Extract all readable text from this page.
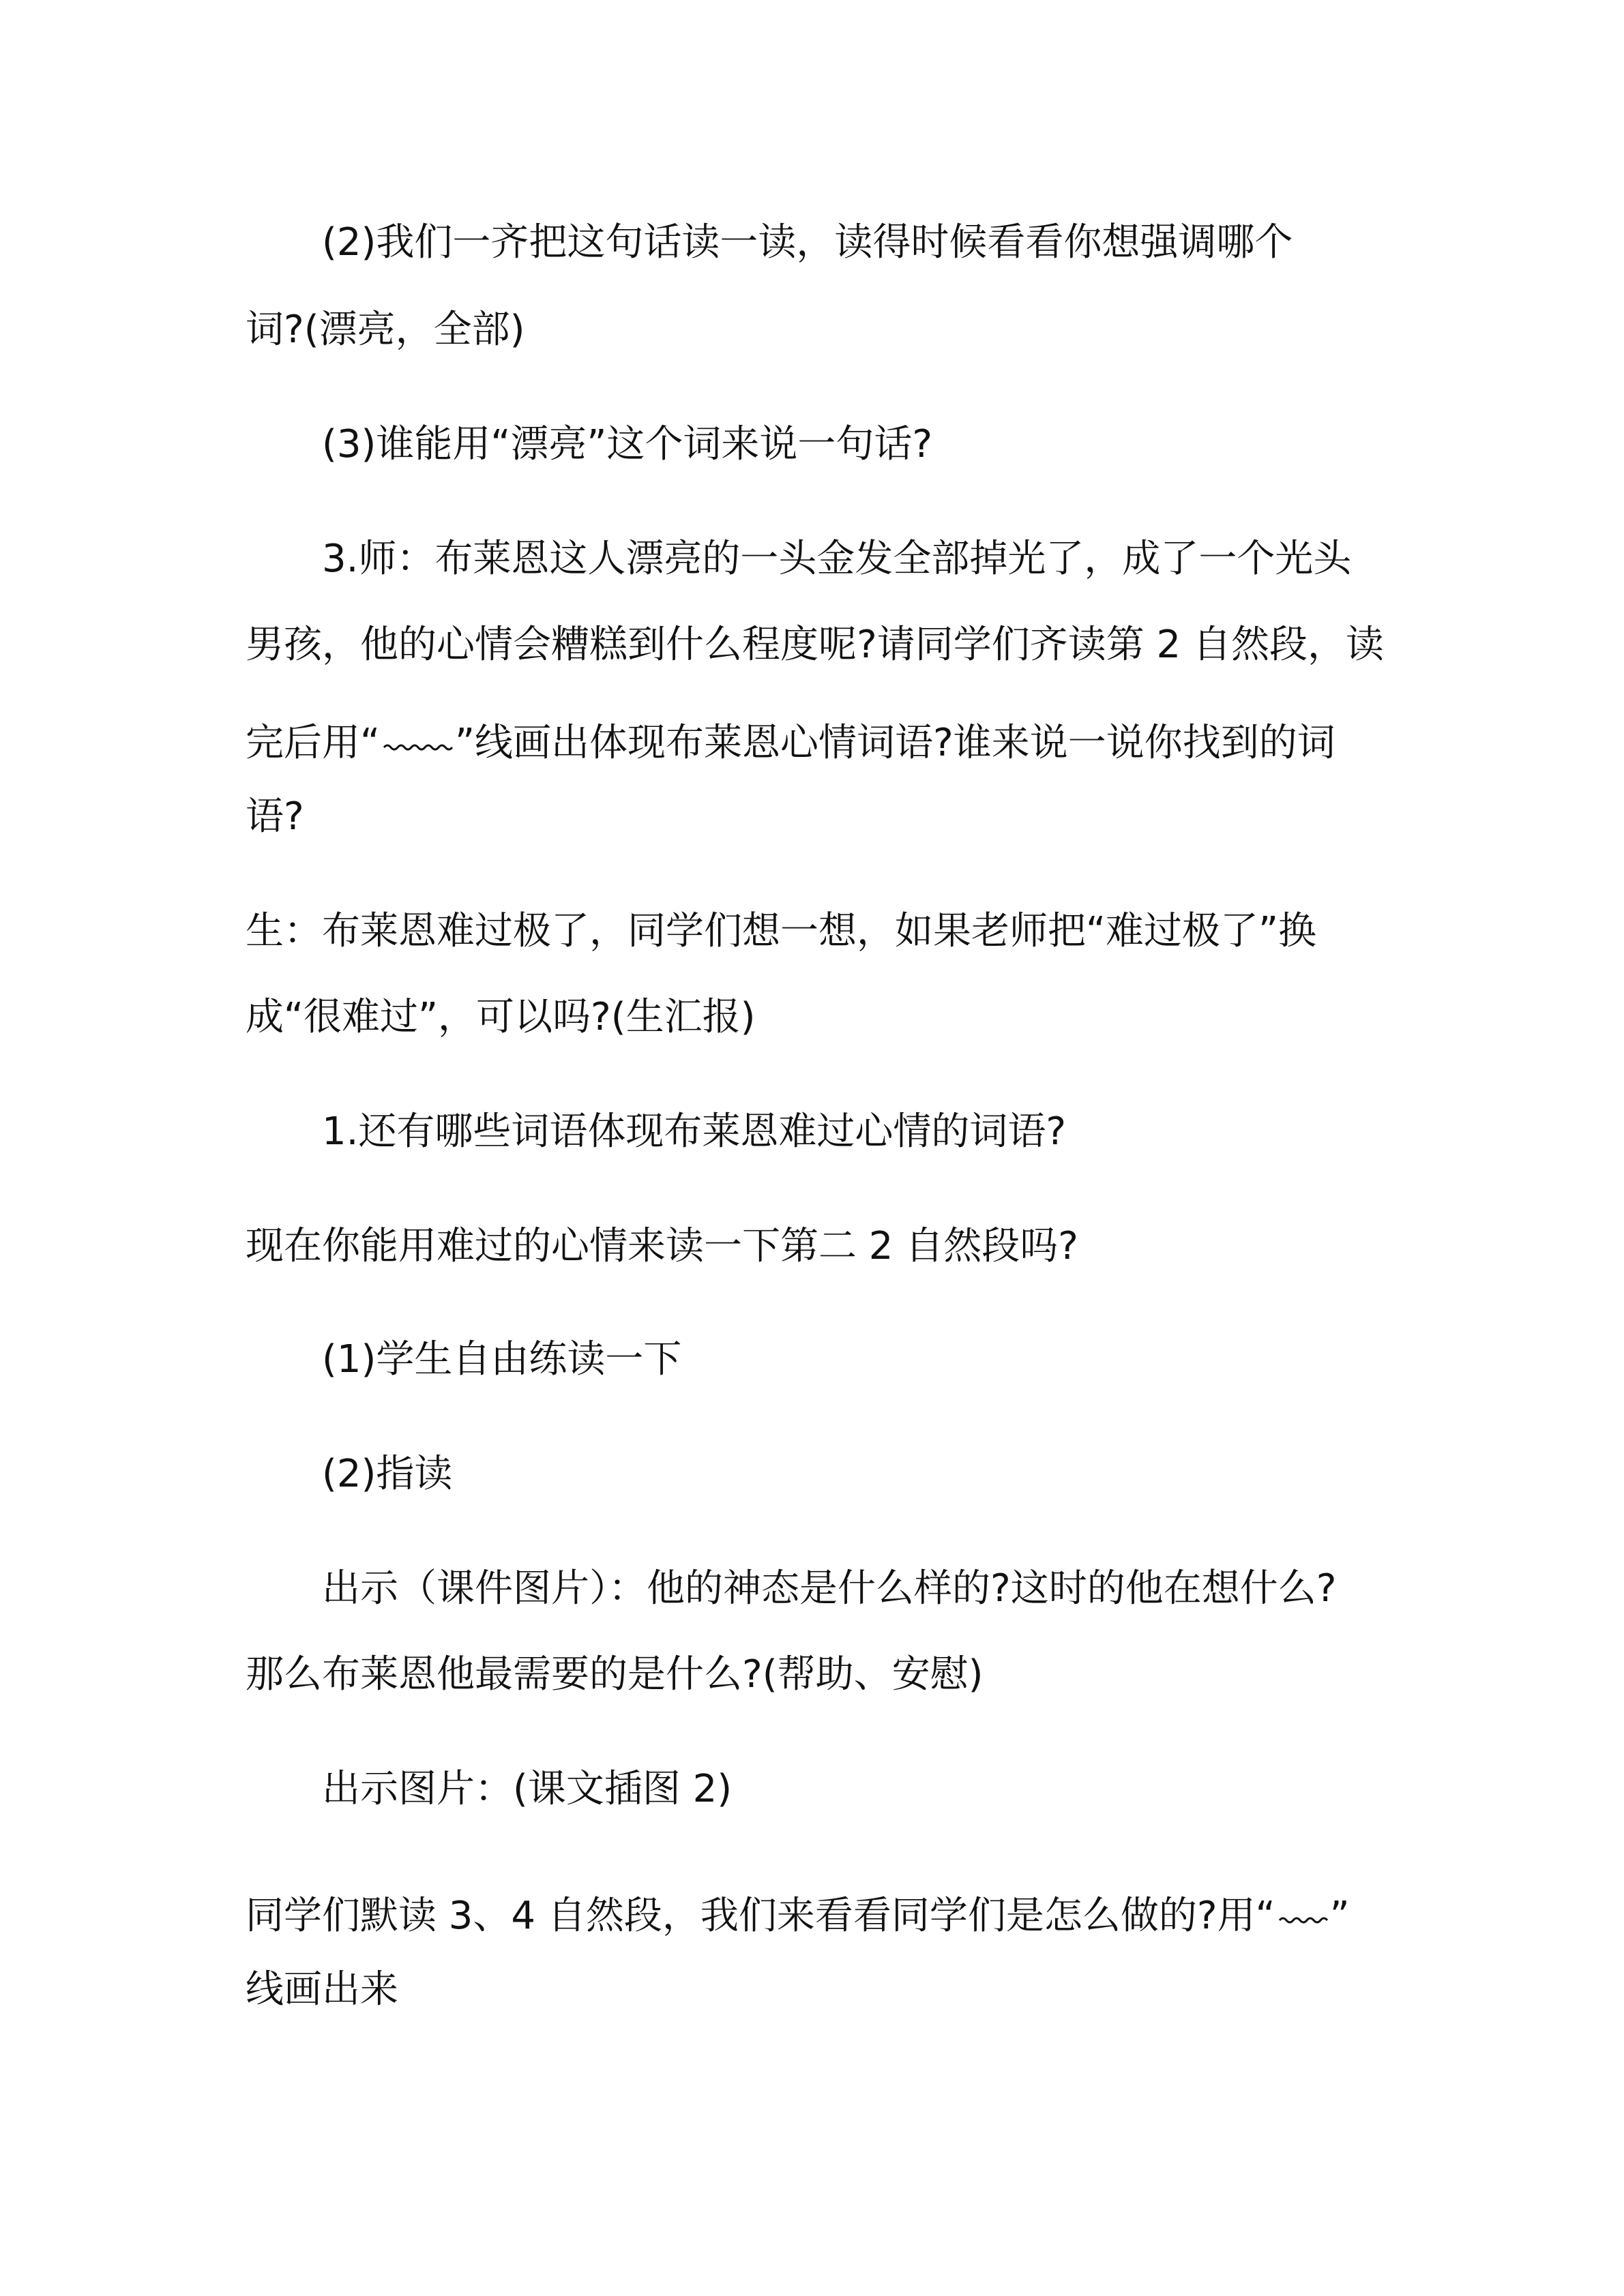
(2)我们一齐把这句话读一读，读得时候看看你想强调哪个
词?(漂亮，全部)
(3)谁能用“漂亮”这个词来说一句话?
3.师：布莱恩这人漂亮的一头金发全部掉光了，成了一个光头
男孩，他的心情会糟糕到什么程度呢?请同学们齐读第 2 自然段，读
完后用“ ”线画出体现布莱恩心情词语?谁来说一说你找到的词
语?
生：布莱恩难过极了，同学们想一想，如果老师把“难过极了”换
成“很难过”，可以吗?(生汇报)
1.还有哪些词语体现布莱恩难过心情的词语?
现在你能用难过的心情来读一下第二 2 自然段吗?
(1)学生自由练读一下
(2)指读
出示（课件图片）：他的神态是什么样的?这时的他在想什么?
那么布莱恩他最需要的是什么?(帮助、安慰)
出示图片：(课文插图 2)
同学们默读 3、4 自然段，我们来看看同学们是怎么做的?用“ ”
线画出来
